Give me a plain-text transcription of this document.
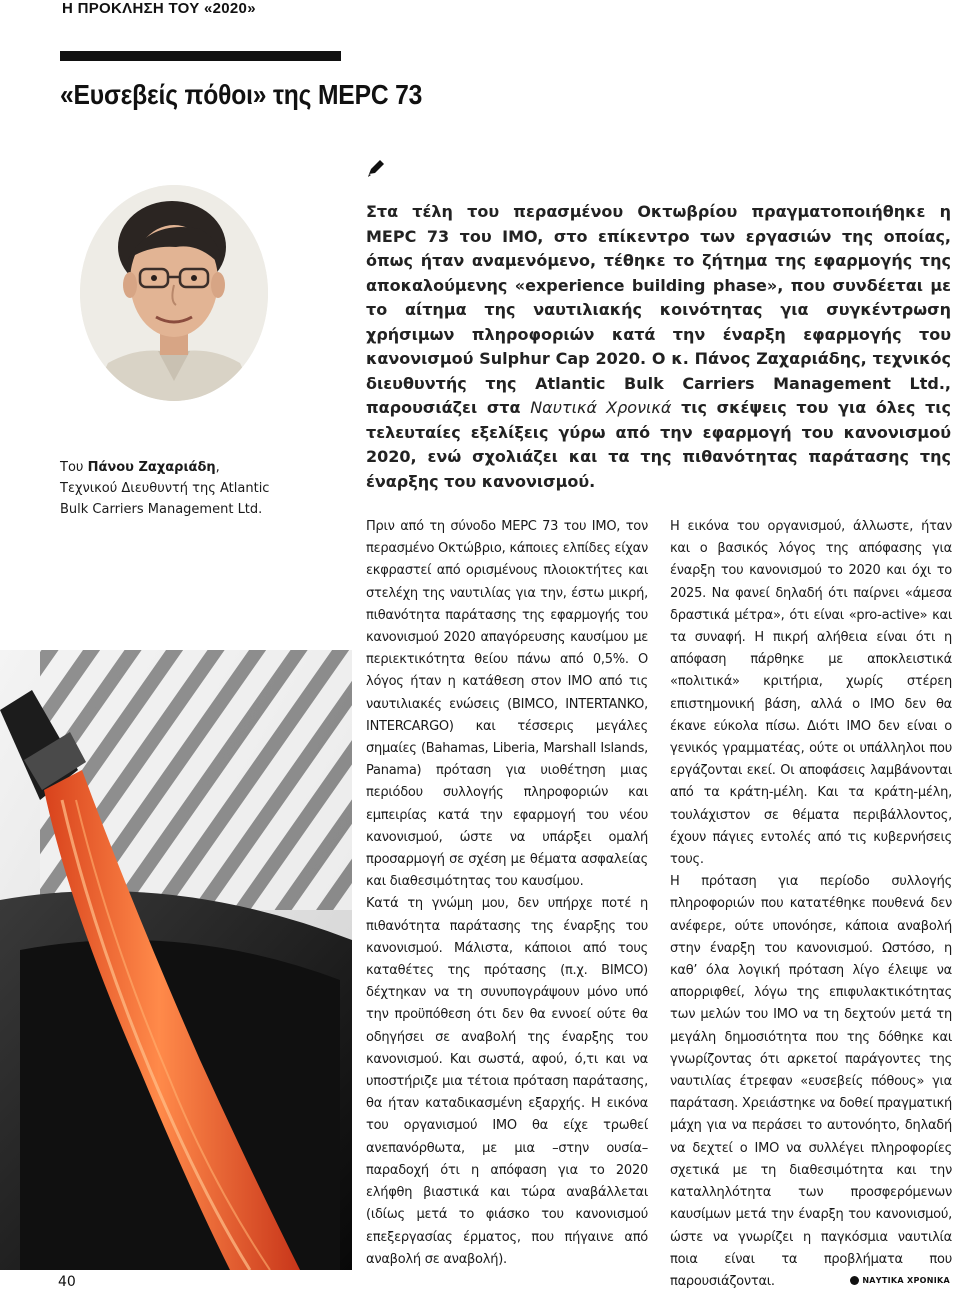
Η ΠΡΟΚΛΗΣΗ ΤΟΥ «2020»
«Ευσεβείς πόθοι» της MEPC 73
Του Πάνου Ζαχαριάδη,
Τεχνικού Διευθυντή της Atlantic
Bulk Carriers Management Ltd.
Στα τέλη του περασμένου Οκτωβρίου πραγματοποιήθηκε η MEPC 73 του IMO, στο επίκεντρο των εργασιών της οποίας, όπως ήταν αναμενόμενο, τέθηκε το ζήτημα της εφαρμογής της αποκαλούμενης «experience building phase», που συνδέεται με το αίτημα της ναυτιλιακής κοινότητας για συγκέντρωση χρήσιμων πληροφοριών κατά την έναρξη εφαρμογής του κανονισμού Sulphur Cap 2020. Ο κ. Πάνος Ζαχαριάδης, τεχνικός διευθυντής της Atlantic Bulk Carriers Management Ltd., παρουσιάζει στα Ναυτικά Χρονικά τις σκέψεις του για όλες τις τελευταίες εξελίξεις γύρω από την εφαρμογή του κανονισμού 2020, ενώ σχολιάζει και τα της πιθανότητας παράτασης της έναρξης του κανονισμού.

Πριν από τη σύνοδο MEPC 73 του IMO, τον περασμένο Οκτώβριο, κάποιες ελπίδες είχαν εκφραστεί από ορισμένους πλοιοκτήτες και στελέχη της ναυτιλίας για την, έστω μικρή, πιθανότητα παράτασης της εφαρμογής του κανονισμού 2020 απαγόρευσης καυσίμου με περιεκτικότητα θείου πάνω από 0,5%. Ο λόγος ήταν η κατάθεση στον IMO από τις ναυτιλιακές ενώσεις (BIMCO, INTERTANKO, INTERCARGO) και τέσσερις μεγάλες σημαίες (Bahamas, Liberia, Marshall Islands, Panama) πρόταση για υιοθέτηση μιας περιόδου συλλογής πληροφοριών και εμπειρίας κατά την εφαρμογή του νέου κανονισμού, ώστε να υπάρξει ομαλή προσαρμογή σε σχέση με θέματα ασφαλείας και διαθεσιμότητας του καυσίμου.

Κατά τη γνώμη μου, δεν υπήρχε ποτέ η πιθανότητα παράτασης της έναρξης του κανονισμού. Μάλιστα, κάποιοι από τους καταθέτες της πρότασης (π.χ. BIMCO) δέχτηκαν να τη συνυπογράψουν μόνο υπό την προϋπόθεση ότι δεν θα εννοεί ούτε θα οδηγήσει σε αναβολή της έναρξης του κανονισμού. Και σωστά, αφού, ό,τι και να υποστήριζε μια τέτοια πρόταση παράτασης, θα ήταν καταδικασμένη εξαρχής. Η εικόνα του οργανισμού IMO θα είχε τρωθεί ανεπανόρθωτα, με μια –στην ουσία– παραδοχή ότι η απόφαση για το 2020 ελήφθη βιαστικά και τώρα αναβάλλεται (ιδίως μετά το φιάσκο του κανονισμού επεξεργασίας έρματος, που πήγαινε από αναβολή σε αναβολή).

Η εικόνα του οργανισμού, άλλωστε, ήταν και ο βασικός λόγος της απόφασης για έναρξη του κανονισμού το 2020 και όχι το 2025. Να φανεί δηλαδή ότι παίρνει «άμεσα δραστικά μέτρα», ότι είναι «pro-active» και τα συναφή. Η πικρή αλήθεια είναι ότι η απόφαση πάρθηκε με αποκλειστικά «πολιτικά» κριτήρια, χωρίς στέρεη επιστημονική βάση, αλλά ο IMO δεν θα έκανε εύκολα πίσω. Διότι IMO δεν είναι ο γενικός γραμματέας, ούτε οι υπάλληλοι που εργάζονται εκεί. Οι αποφάσεις λαμβάνονται από τα κράτη-μέλη. Και τα κράτη-μέλη, τουλάχιστον σε θέματα περιβάλλοντος, έχουν πάγιες εντολές από τις κυβερνήσεις τους.

Η πρόταση για περίοδο συλλογής πληροφοριών που κατατέθηκε πουθενά δεν ανέφερε, ούτε υπονόησε, κάποια αναβολή στην έναρξη του κανονισμού. Ωστόσο, η καθ’ όλα λογική πρόταση λίγο έλειψε να απορριφθεί, λόγω της επιφυλακτικότητας των μελών του IMO να τη δεχτούν μετά τη μεγάλη δημοσιότητα που της δόθηκε και γνωρίζοντας ότι αρκετοί παράγοντες της ναυτιλίας έτρεφαν «ευσεβείς πόθους» για παράταση. Χρειάστηκε να δοθεί πραγματική μάχη για να περάσει το αυτονόητο, δηλαδή να δεχτεί ο IMO να συλλέγει πληροφορίες σχετικά με τη διαθεσιμότητα και την καταλληλότητα των προσφερόμενων καυσίμων μετά την έναρξη του κανονισμού, ώστε να γνωρίζει η παγκόσμια ναυτιλία ποια είναι τα προβλήματα που παρουσιάζονται.

40	ΝΑΥΤΙΚΑ ΧΡΟΝΙΚΑ
